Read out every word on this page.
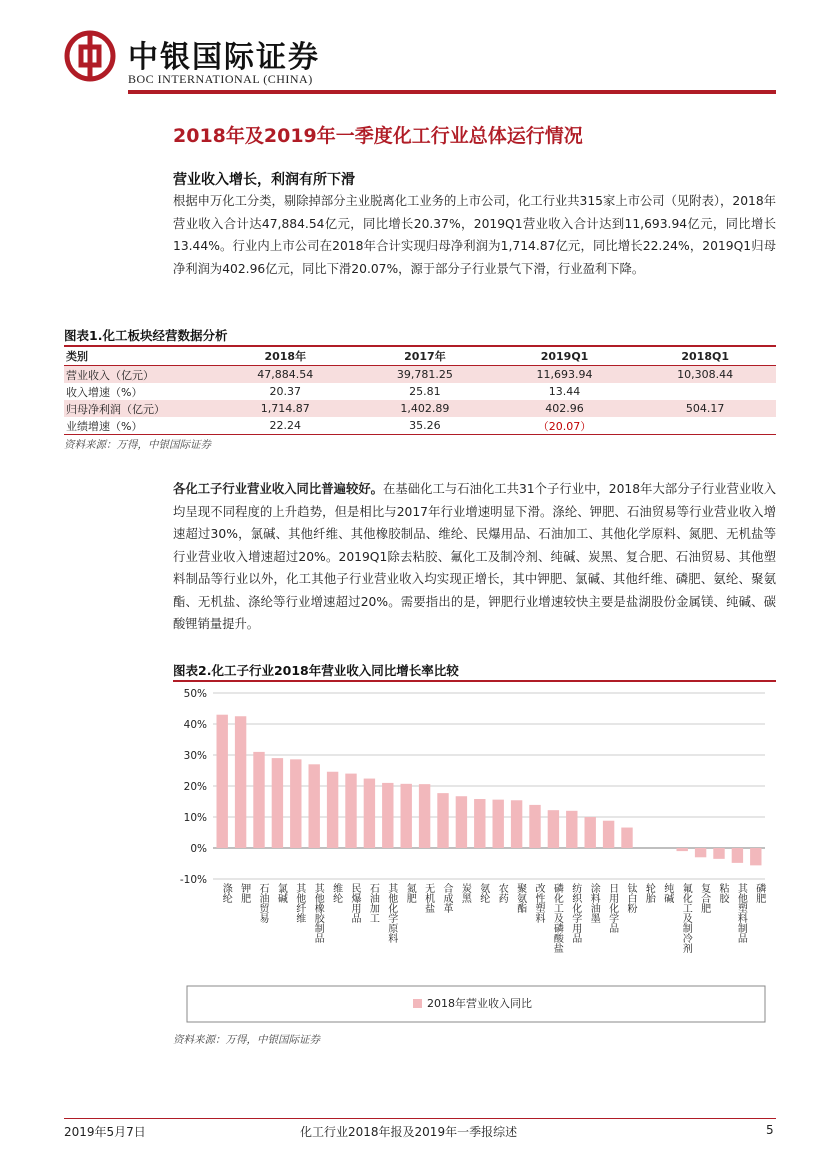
中银国际证券
BOC INTERNATIONAL (CHINA)
2018年及2019年一季度化工行业总体运行情况
营业收入增长，利润有所下滑
根据申万化工分类，剔除掉部分主业脱离化工业务的上市公司，化工行业共315家上市公司（见附表），2018年营业收入合计达47,884.54亿元，同比增长20.37%，2019Q1营业收入合计达到11,693.94亿元，同比增长13.44%。行业内上市公司在2018年合计实现归母净利润为1,714.87亿元，同比增长22.24%，2019Q1归母净利润为402.96亿元，同比下滑20.07%，源于部分子行业景气下滑，行业盈利下降。
图表1.化工板块经营数据分析
类别	2018年	2017年	2019Q1	2018Q1
营业收入（亿元）	47,884.54	39,781.25	11,693.94	10,308.44
收入增速（%）	20.37	25.81	13.44	
归母净利润（亿元）	1,714.87	1,402.89	402.96	504.17
业绩增速（%）	22.24	35.26	（20.07）	
资料来源：万得，中银国际证券
各化工子行业营业收入同比普遍较好。在基础化工与石油化工共31个子行业中，2018年大部分子行业营业收入均呈现不同程度的上升趋势，但是相比与2017年行业增速明显下滑。涤纶、钾肥、石油贸易等行业营业收入增速超过30%，氯碱、其他纤维、其他橡胶制品、维纶、民爆用品、石油加工、其他化学原料、氮肥、无机盐等行业营业收入增速超过20%。2019Q1除去粘胶、氟化工及制冷剂、纯碱、炭黑、复合肥、石油贸易、其他塑料制品等行业以外，化工其他子行业营业收入均实现正增长，其中钾肥、氯碱、其他纤维、磷肥、氨纶、聚氨酯、无机盐、涤纶等行业增速超过20%。需要指出的是，钾肥行业增速较快主要是盐湖股份金属镁、纯碱、碳酸锂销量提升。
图表2.化工子行业2018年营业收入同比增长率比较
-10%
0%
10%
20%
30%
40%
50%
涤纶 钾肥 石油贸易 氯碱 其他纤维 其他橡胶制品 维纶 民爆用品 石油加工 其他化学原料 氮肥 无机盐 合成革 炭黑 氨纶 农药 聚氨酯 改性塑料 磷化工及磷酸盐 纺织化学用品 涂料油墨 日用化学品 钛白粉 轮胎 纯碱 氟化工及制冷剂 复合肥 粘胶 其他塑料制品 磷肥
2018年营业收入同比
资料来源：万得，中银国际证券
2019年5月7日	化工行业2018年报及2019年一季报综述	5
